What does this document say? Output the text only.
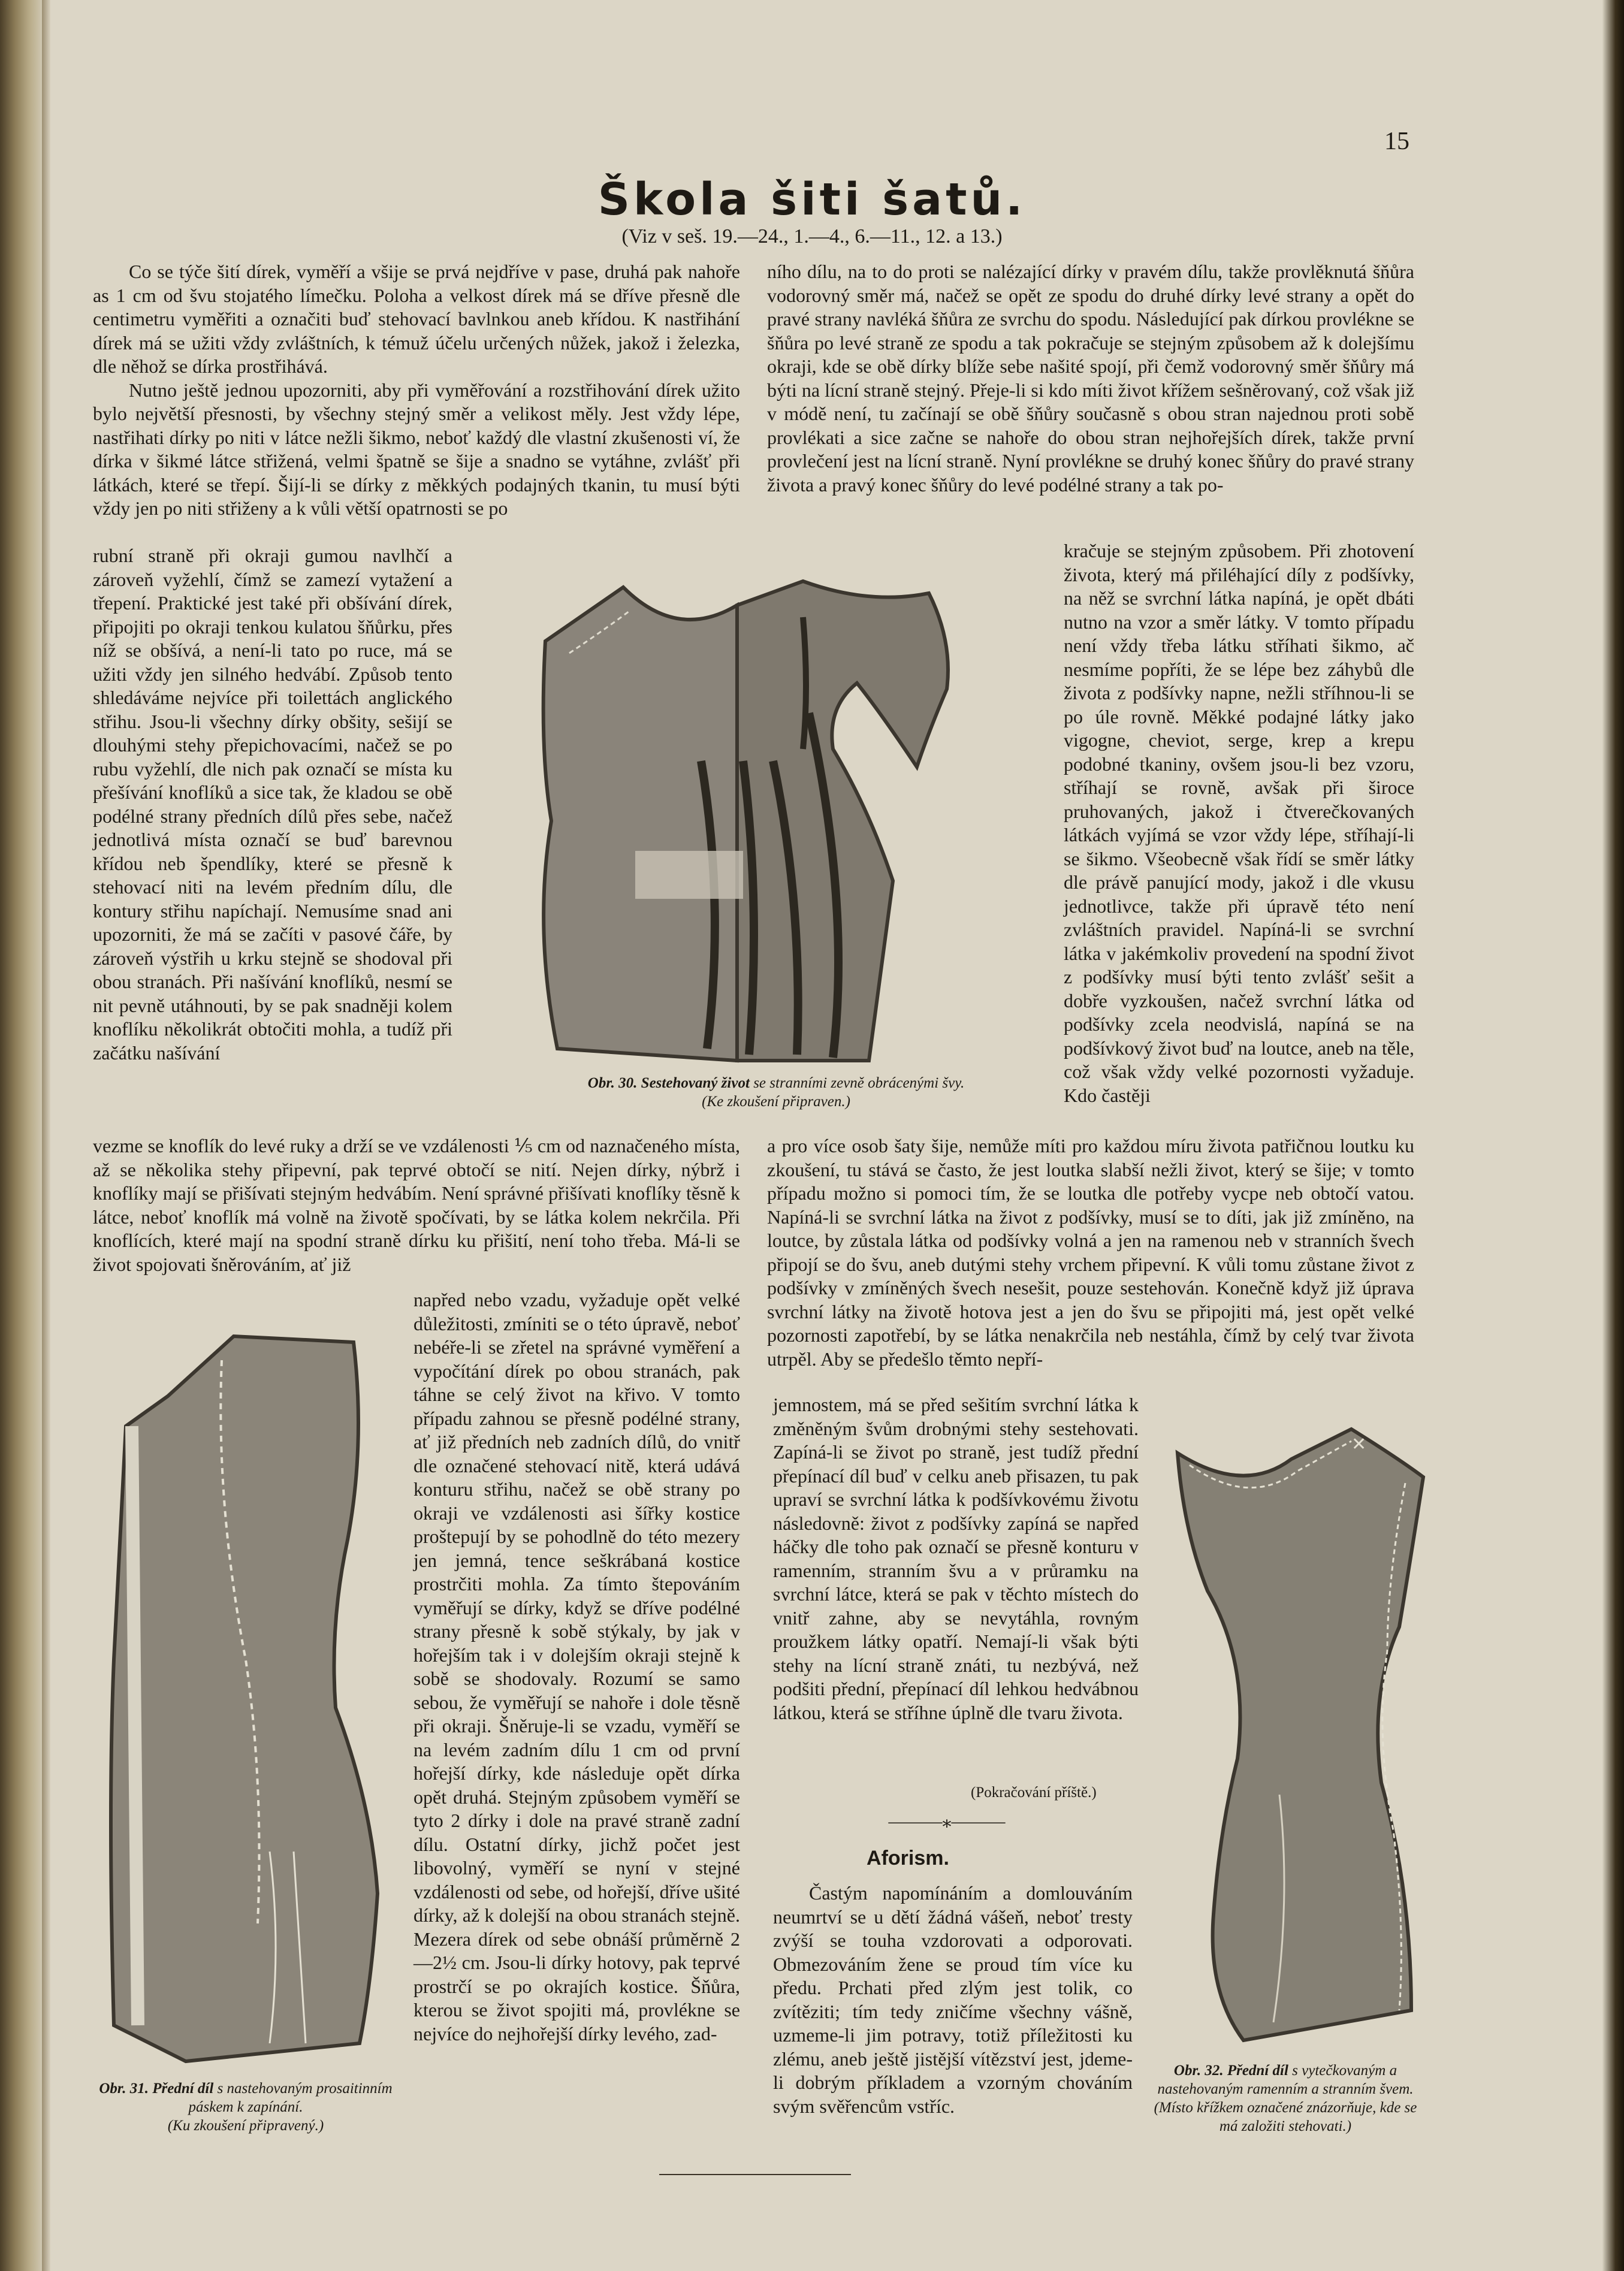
15
Škola šiti šatů.
(Viz v seš. 19.—24., 1.—4., 6.—11., 12. a 13.)

Co se týče šití dírek, vyměří a všije se prvá nejdříve v pase, druhá pak nahoře as 1 cm od švu stojatého límečku. Poloha a velkost dírek má se dříve přesně dle centimetru vyměřiti a označiti buď stehovací bavlnkou aneb křídou. K nastřihání dírek má se užiti vždy zvláštních, k témuž účelu určených nůžek, jakož i železka, dle něhož se dírka prostřihává.

Nutno ještě jednou upozorniti, aby při vyměřování a rozstřihování dírek užito bylo největší přesnosti, by všechny stejný směr a velikost měly. Jest vždy lépe, nastřihati dírky po niti v látce nežli šikmo, neboť každý dle vlastní zkušenosti ví, že dírka v šikmé látce střižená, velmi špatně se šije a snadno se vytáhne, zvlášť při látkách, které se třepí. Šijí-li se dírky z měkkých podajných tkanin, tu musí býti vždy jen po niti střiženy a k vůli větší opatrnosti se po

rubní straně při okraji gumou navlhčí a zároveň vyžehlí, čímž se zamezí vytažení a třepení. Praktické jest také při obšívání dírek, připojiti po okraji tenkou kulatou šňůrku, přes níž se obšívá, a není-li tato po ruce, má se užiti vždy jen silného hedvábí. Způsob tento shledáváme nejvíce při toilettách anglického střihu. Jsou-li všechny dírky obšity, sešijí se dlouhými stehy přepichovacími, načež se po rubu vyžehlí, dle nich pak označí se místa ku přešívání knoflíků a sice tak, že kladou se obě podélné strany předních dílů přes sebe, načež jednotlivá místa označí se buď barevnou křídou neb špendlíky, které se přesně k stehovací niti na levém předním dílu, dle kontury střihu napíchají. Nemusíme snad ani upozorniti, že má se začíti v pasové čáře, by zároveň výstřih u krku stejně se shodoval při obou stranách. Při našívání knoflíků, nesmí se nit pevně utáhnouti, by se pak snadněji kolem knoflíku několikrát obtočiti mohla, a tudíž při začátku našívání
vezme se knoflík do levé ruky a drží se ve vzdálenosti ⅕ cm od naznačeného místa, až se několika stehy připevní, pak teprvé obtočí se nití. Nejen dírky, nýbrž i knoflíky mají se přišívati stejným hedvábím. Není správné přišívati knoflíky těsně k látce, neboť knoflík má volně na životě spočívati, by se látka kolem nekrčila. Při knoflících, které mají na spodní straně dírku ku přišití, není toho třeba. Má-li se život spojovati šněrováním, ať již
napřed nebo vzadu, vyžaduje opět velké důležitosti, zmíniti se o této úpravě, neboť nebéře-li se zřetel na správné vyměření a vypočítání dírek po obou stranách, pak táhne se celý život na křivo. V tomto případu zahnou se přesně podélné strany, ať již předních neb zadních dílů, do vnitř dle označené stehovací nitě, která udává konturu střihu, načež se obě strany po okraji ve vzdálenosti asi šířky kostice proštepují by se pohodlně do této mezery jen jemná, tence seškrábaná kostice prostrčiti mohla. Za tímto štepováním vyměřují se dírky, když se dříve podélné strany přesně k sobě stýkaly, by jak v hořejším tak i v dolejším okraji stejně k sobě se shodovaly. Rozumí se samo sebou, že vyměřují se nahoře i dole těsně při okraji. Šněruje-li se vzadu, vyměří se na levém zadním dílu 1 cm od první hořejší dírky, kde následuje opět dírka opět druhá. Stejným způsobem vyměří se tyto 2 dírky i dole na pravé straně zadní dílu. Ostatní dírky, jichž počet jest libovolný, vyměří se nyní v stejné vzdálenosti od sebe, od hořejší, dříve ušité dírky, až k dolejší na obou stranách stejně. Mezera dírek od sebe obnáší průměrně 2—2½ cm. Jsou-li dírky hotovy, pak teprvé prostrčí se po okrajích kostice. Šňůra, kterou se život spojiti má, provlékne se nejvíce do nejhořejší dírky levého, zad-
ního dílu, na to do proti se nalézající dírky v pravém dílu, takže provlěknutá šňůra vodorovný směr má, načež se opět ze spodu do druhé dírky levé strany a opět do pravé strany navléká šňůra ze svrchu do spodu. Následující pak dírkou provlékne se šňůra po levé straně ze spodu a tak pokračuje se stejným způsobem až k dolejšímu okraji, kde se obě dírky blíže sebe našité spojí, při čemž vodorovný směr šňůry má býti na lícní straně stejný. Přeje-li si kdo míti život křížem sešněrovaný, což však již v módě není, tu začínají se obě šňůry současně s obou stran najednou proti sobě provlékati a sice začne se nahoře do obou stran nejhořejších dírek, takže první provlečení jest na lícní straně. Nyní provlékne se druhý konec šňůry do pravé strany života a pravý konec šňůry do levé podélné strany a tak po-
kračuje se stejným způsobem. Při zhotovení života, který má přiléhající díly z podšívky, na něž se svrchní látka napíná, je opět dbáti nutno na vzor a směr látky. V tomto případu není vždy třeba látku stříhati šikmo, ač nesmíme popříti, že se lépe bez záhybů dle života z podšívky napne, nežli stříhnou-li se po úle rovně. Měkké podajné látky jako vigogne, cheviot, serge, krep a krepu podobné tkaniny, ovšem jsou-li bez vzoru, stříhají se rovně, avšak při široce pruhovaných, jakož i čtverečkovaných látkách vyjímá se vzor vždy lépe, stříhají-li se šikmo. Všeobecně však řídí se směr látky dle právě panující mody, jakož i dle vkusu jednotlivce, takže při úpravě této není zvláštních pravidel. Napíná-li se svrchní látka v jakémkoliv provedení na spodní život z podšívky musí býti tento zvlášť sešit a dobře vyzkoušen, načež svrchní látka od podšívky zcela neodvislá, napíná se na podšívkový život buď na loutce, aneb na těle, což však vždy velké pozornosti vyžaduje. Kdo častěji
a pro více osob šaty šije, nemůže míti pro každou míru života patřičnou loutku ku zkoušení, tu stává se často, že jest loutka slabší nežli život, který se šije; v tomto případu možno si pomoci tím, že se loutka dle potřeby vycpe neb obtočí vatou. Napíná-li se svrchní látka na život z podšívky, musí se to díti, jak již zmíněno, na loutce, by zůstala látka od podšívky volná a jen na ramenou neb v stranních švech připojí se do švu, aneb dutými stehy vrchem připevní. K vůli tomu zůstane život z podšívky v zmíněných švech nesešit, pouze sestehován. Konečně když již úprava svrchní látky na životě hotova jest a jen do švu se připojiti má, jest opět velké pozornosti zapotřebí, by se látka nenakrčila neb nestáhla, čímž by celý tvar života utrpěl. Aby se předešlo těmto nepří-
jemnostem, má se před sešitím svrchní látka k změněným švům drobnými stehy sestehovati. Zapíná-li se život po straně, jest tudíž přední přepínací díl buď v celku aneb přisazen, tu pak upraví se svrchní látka k podšívkovému životu následovně: život z podšívky zapíná se napřed háčky dle toho pak označí se přesně konturu v ramenním, stranním švu a v průramku na svrchní látce, která se pak v těchto místech do vnitř zahne, aby se nevytáhla, rovným proužkem látky opatří. Nemají-li však býti stehy na lícní straně znáti, tu nezbývá, než podšiti přední, přepínací díl lehkou hedvábnou látkou, která se stříhne úplně dle tvaru života.
(Pokračování příště.)
———⁎———
Aforism.

Častým napomínáním a domlouváním neumrtví se u dětí žádná vášeň, neboť tresty zvýší se touha vzdorovati a odporovati. Obmezováním žene se proud tím více ku předu. Prchati před zlým jest tolik, co zvítěziti; tím tedy zničíme všechny vášně, uzmeme-li jim potravy, totiž příležitosti ku zlému, aneb ještě jistější vítězství jest, jdeme-li dobrým příkladem a vzorným chováním svým svěřencům vstříc.

Obr. 30. Sestehovaný život se stranními zevně obrácenými švy.
(Ke zkoušení připraven.)
Obr. 31. Přední díl s nastehovaným prosaitinním páskem k zapínání.
(Ku zkoušení připravený.)
✕
Obr. 32. Přední díl s vytečkovaným a nastehovaným ramenním a stranním švem. (Místo křížkem označené znázorňuje, kde se má založiti stehovati.)
